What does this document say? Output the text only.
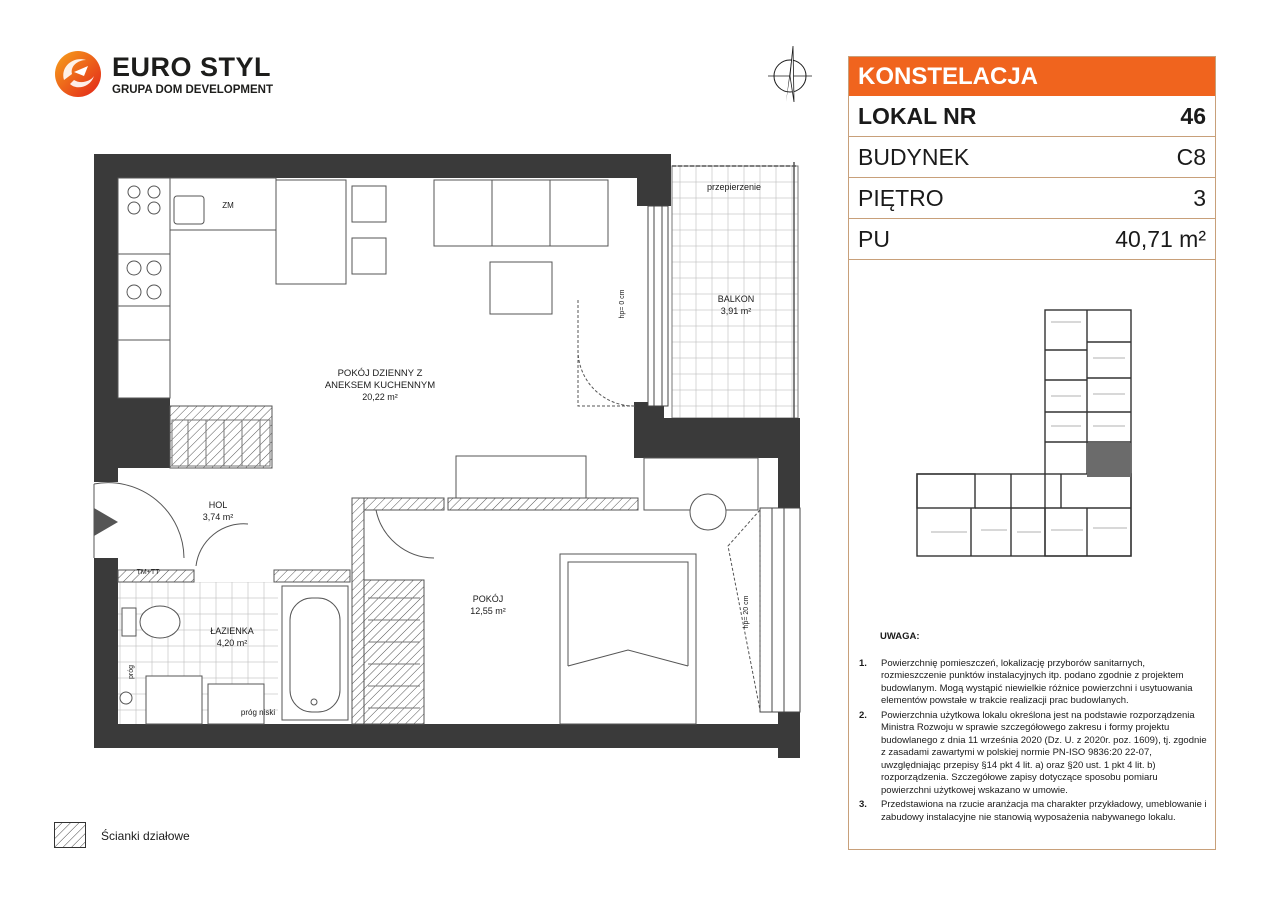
EURO STYL
GRUPA DOM DEVELOPMENT
POKÓJ DZIENNY Z
ANEKSEM KUCHENNYM
20,22 m²
BALKON
3,91 m²
HOL
3,74 m²
POKÓJ
12,55 m²
ŁAZIENKA
4,20 m²
przepierzenie
ZM
TM+TT
próg niski
próg
hp= 0 cm
hp= 20 cm
Ścianki działowe
KONSTELACJA
LOKAL NR	46
BUDYNEK	C8
PIĘTRO	3
PU	40,71 m²
UWAGA:
1.	Powierzchnię pomieszczeń, lokalizację przyborów sanitarnych, rozmieszczenie punktów instalacyjnych itp. podano zgodnie z projektem budowlanym. Mogą wystąpić niewielkie różnice powierzchni i usytuowania elementów powstałe w trakcie realizacji prac budowlanych.
2.	Powierzchnia użytkowa lokalu określona jest na podstawie rozporządzenia Ministra Rozwoju w sprawie szczegółowego zakresu i formy projektu budowlanego z dnia 11 września 2020 (Dz. U. z 2020r. poz. 1609), tj. zgodnie z zasadami zawartymi w polskiej normie PN-ISO 9836:20 22-07, uwzględniając przepisy §14 pkt 4 lit. a) oraz §20 ust. 1 pkt 4 lit. b) rozporządzenia. Szczegółowe zapisy dotyczące sposobu pomiaru powierzchni użytkowej wskazano w umowie.
3.	Przedstawiona na rzucie aranżacja ma charakter przykładowy, umeblowanie i zabudowy instalacyjne nie stanowią wyposażenia nabywanego lokalu.
